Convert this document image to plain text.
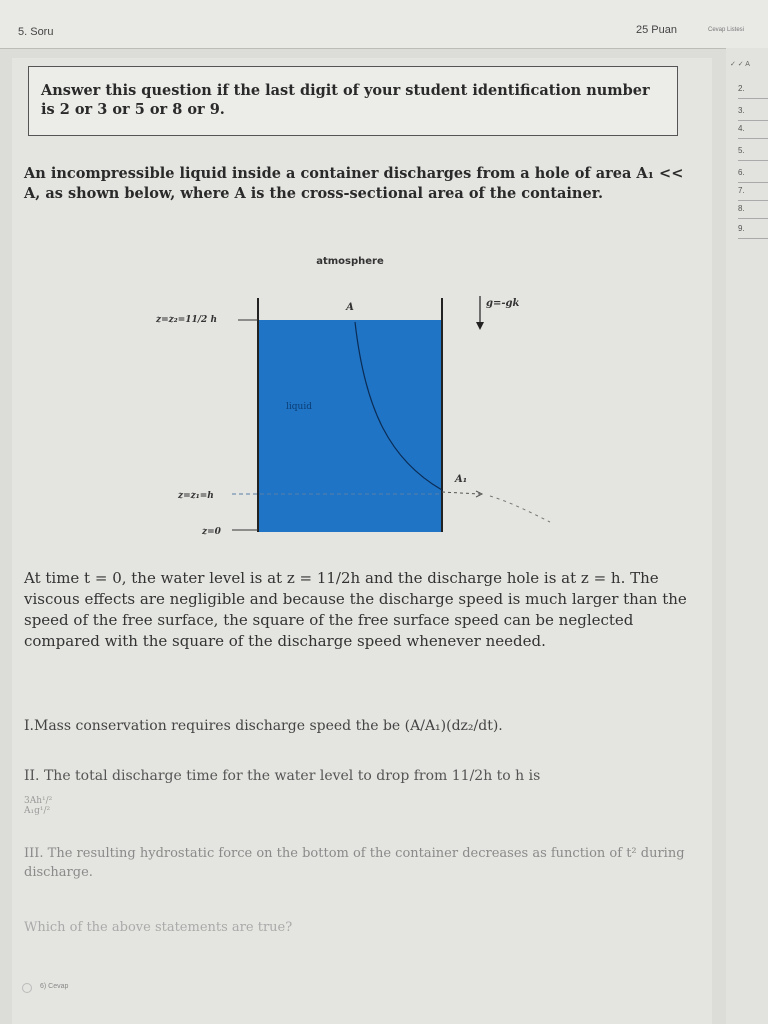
5. Soru	25 Puan	Cevap Listesi
✓ ✓ A
2.
3.
4.
5.
6.
7.
8.
9.
Answer this question if the last digit of your student identification number is 2 or 3 or 5 or 8 or 9.
An incompressible liquid inside a container discharges from a hole of area A₁ << A, as shown below, where A is the cross-sectional area of the container.
atmosphere
A
liquid
A₁
z=z₂=11/2 h
z=z₁=h
z=0
g=-gk
At time t = 0, the water level is at z = 11/2h and the discharge hole is at z = h. The viscous effects are negligible and because the discharge speed is much larger than the speed of the free surface, the square of the free surface speed can be neglected compared with the square of the discharge speed whenever needed.
I.Mass conservation requires discharge speed the be (A/A₁)(dz₂/dt).
II. The total discharge time for the water level to drop from 11/2h to h is
3Ah¹/²
A₁g¹/²
III. The resulting hydrostatic force on the bottom of the container decreases as function of t² during discharge.
Which of the above statements are true?
6) Cevap
